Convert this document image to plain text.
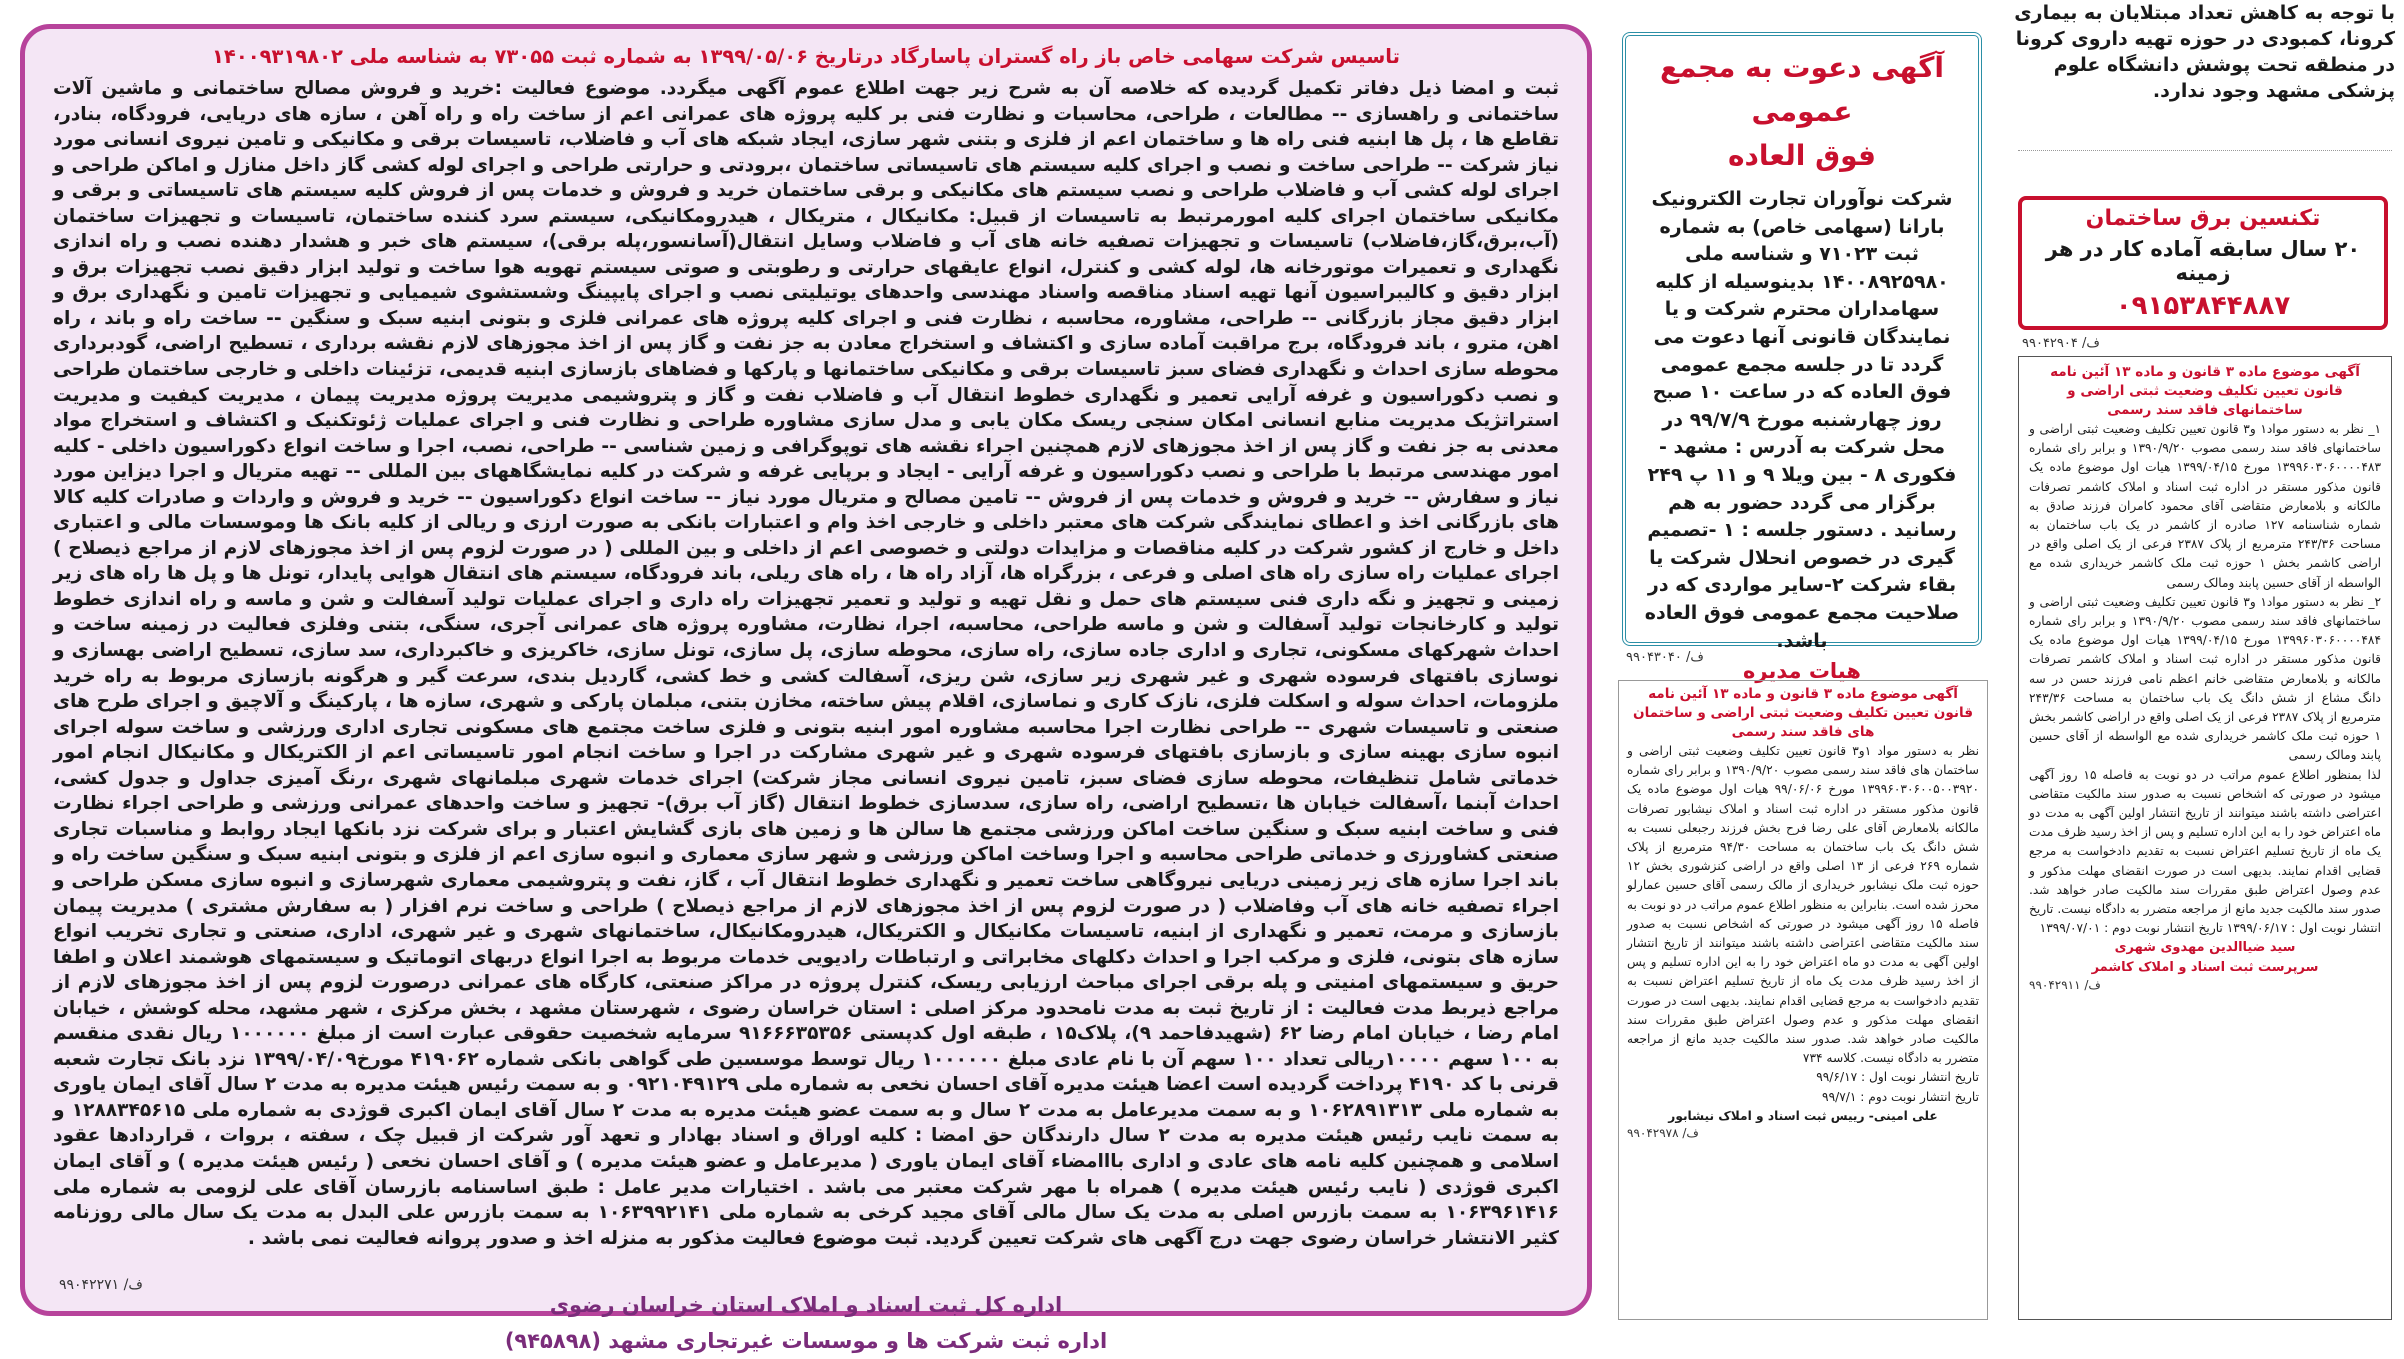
تاسیس شرکت سهامی خاص باز راه گستران پاسارگاد درتاریخ ۱۳۹۹/۰۵/۰۶ به شماره ثبت ۷۳۰۵۵ به شناسه ملی ۱۴۰۰۹۳۱۹۸۰۲
ثبت و امضا ذیل دفاتر تکمیل گردیده که خلاصه آن به شرح زیر جهت اطلاع عموم آگهی میگردد. موضوع فعالیت :خرید و فروش مصالح ساختمانی و ماشین آلات ساختمانی و راهسازی -- مطالعات ، طراحی، محاسبات و نظارت فنی بر کلیه پروژه های عمرانی اعم از ساخت راه و راه آهن ، سازه های دریایی، فرودگاه، بنادر، تقاطع ها ، پل ها ابنیه فنی راه ها و ساختمان اعم از فلزی و بتنی شهر سازی، ایجاد شبکه های آب و فاضلاب، تاسیسات برقی و مکانیکی و تامین نیروی انسانی مورد نیاز شرکت -- طراحی ساخت و نصب و اجرای کلیه سیستم های تاسیساتی ساختمان ،برودتی و حرارتی طراحی و اجرای لوله کشی گاز داخل منازل و اماکن طراحی و اجرای لوله کشی آب و فاضلاب طراحی و نصب سیستم های مکانیکی و برقی ساختمان خرید و فروش و خدمات پس از فروش کلیه سیستم های تاسیساتی و برقی و مکانیکی ساختمان اجرای کلیه امورمرتبط به تاسیسات از قبیل: مکانیکال ، متریکال ، هیدرومکانیکی، سیستم سرد کننده ساختمان، تاسیسات و تجهیزات ساختمان (آب،برق،گاز،فاضلاب) تاسیسات و تجهیزات تصفیه خانه های آب و فاضلاب وسایل انتقال(آسانسور،پله برقی)، سیستم های خبر و هشدار دهنده نصب و راه اندازی نگهداری و تعمیرات موتورخانه ها، لوله کشی و کنترل، انواع عایقهای حرارتی و رطوبتی و صوتی سیستم تهویه هوا ساخت و تولید ابزار دقیق نصب تجهیزات برق و ابزار دقیق و کالیبراسیون آنها تهیه اسناد مناقصه واسناد مهندسی واحدهای یوتیلیتی نصب و اجرای پایپینگ وشستشوی شیمیایی و تجهیزات تامین و نگهداری برق و ابزار دقیق مجاز بازرگانی -- طراحی، مشاوره، محاسبه ، نظارت فنی و اجرای کلیه پروژه های عمرانی فلزی و بتونی ابنیه سبک و سنگین -- ساخت راه و باند ، راه اهن، مترو ، باند فرودگاه، برج مراقبت آماده سازی و اکتشاف و استخراج معادن به جز نفت و گاز پس از اخذ مجوزهای لازم نقشه برداری ، تسطیح اراضی، گودبرداری محوطه سازی احداث و نگهداری فضای سبز تاسیسات برقی و مکانیکی ساختمانها و پارکها و فضاهای بازسازی ابنیه قدیمی، تزئینات داخلی و خارجی ساختمان طراحی و نصب دکوراسیون و غرفه آرایی تعمیر و نگهداری خطوط انتقال آب و فاضلاب نفت و گاز و پتروشیمی مدیریت پروژه مدیریت پیمان ، مدیریت کیفیت و مدیریت استراتژیک مدیریت منابع انسانی امکان سنجی ریسک مکان یابی و مدل سازی مشاوره طراحی و نظارت فنی و اجرای عملیات ژئوتکنیک و اکتشاف و استخراج مواد معدنی به جز نفت و گاز پس از اخذ مجوزهای لازم همچنین اجراء نقشه های توپوگرافی و زمین شناسی -- طراحی، نصب، اجرا و ساخت انواع دکوراسیون داخلی - کلیه امور مهندسی مرتبط با طراحی و نصب دکوراسیون و غرفه آرایی - ایجاد و برپایی غرفه و شرکت در کلیه نمایشگاههای بین المللی -- تهیه متریال و اجرا دیزاین مورد نیاز و سفارش -- خرید و فروش و خدمات پس از فروش -- تامین مصالح و متریال مورد نیاز -- ساخت انواع دکوراسیون -- خرید و فروش و واردات و صادرات کلیه کالا های بازرگانی اخذ و اعطای نمایندگی شرکت های معتبر داخلی و خارجی اخذ وام و اعتبارات بانکی به صورت ارزی و ریالی از کلیه بانک ها وموسسات مالی و اعتباری داخل و خارج از کشور شرکت در کلیه مناقصات و مزایدات دولتی و خصوصی اعم از داخلی و بین المللی ( در صورت لزوم پس از اخذ مجوزهای لازم از مراجع ذیصلاح ) اجرای عملیات راه سازی راه های اصلی و فرعی ، بزرگراه ها، آزاد راه ها ، راه های ریلی، باند فرودگاه، سیستم های انتقال هوایی پایدار، تونل ها و پل ها راه های زیر زمینی و تجهیز و نگه داری فنی سیستم های حمل و نقل تهیه و تولید و تعمیر تجهیزات راه داری و اجرای عملیات تولید آسفالت و شن و ماسه و راه اندازی خطوط تولید و کارخانجات تولید آسفالت و شن و ماسه طراحی، محاسبه، اجرا، نظارت، مشاوره پروژه های عمرانی آجری، سنگی، بتنی وفلزی فعالیت در زمینه ساخت و احداث شهرکهای مسکونی، تجاری و اداری جاده سازی، راه سازی، محوطه سازی، پل سازی، تونل سازی، خاکریزی و خاکبرداری، سد سازی، تسطیح اراضی بهسازی و نوسازی بافتهای فرسوده شهری و غیر شهری زیر سازی، شن ریزی، آسفالت کشی و خط کشی، گاردیل بندی، سرعت گیر و هرگونه بازسازی مربوط به راه خرید ملزومات، احداث سوله و اسکلت فلزی، نازک کاری و نماسازی، اقلام پیش ساخته، مخازن بتنی، مبلمان پارکی و شهری، سازه ها ، پارکینگ و آلاچیق و اجرای طرح های صنعتی و تاسیسات شهری -- طراحی نظارت اجرا محاسبه مشاوره امور ابنیه بتونی و فلزی ساخت مجتمع های مسکونی تجاری اداری ورزشی و ساخت سوله اجرای انبوه سازی بهینه سازی و بازسازی بافتهای فرسوده شهری و غیر شهری مشارکت در اجرا و ساخت انجام امور تاسیساتی اعم از الکتریکال و مکانیکال انجام امور خدماتی شامل تنظیفات، محوطه سازی فضای سبز، تامین نیروی انسانی مجاز شرکت) اجرای خدمات شهری مبلمانهای شهری ،رنگ آمیزی جداول و جدول کشی، احداث آبنما ،آسفالت خیابان ها ،تسطیح اراضی، راه سازی، سدسازی خطوط انتقال (گاز آب برق)- تجهیز و ساخت واحدهای عمرانی ورزشی و طراحی اجراء نظارت فنی و ساخت ابنیه سبک و سنگین ساخت اماکن ورزشی مجتمع ها سالن ها و زمین های بازی گشایش اعتبار و برای شرکت نزد بانکها ایجاد روابط و مناسبات تجاری صنعتی کشاورزی و خدماتی طراحی محاسبه و اجرا وساخت اماکن ورزشی و شهر سازی معماری و انبوه سازی اعم از فلزی و بتونی ابنیه سبک و سنگین ساخت راه و باند اجرا سازه های زیر زمینی دریایی نیروگاهی ساخت تعمیر و نگهداری خطوط انتقال آب ، گاز، نفت و پتروشیمی معماری شهرسازی و انبوه سازی مسکن طراحی و اجراء تصفیه خانه های آب وفاضلاب ( در صورت لزوم پس از اخذ مجوزهای لازم از مراجع ذیصلاح ) طراحی و ساخت نرم افزار ( به سفارش مشتری ) مدیریت پیمان بازسازی و مرمت، تعمیر و نگهداری از ابنیه، تاسیسات مکانیکال و الکتریکال، هیدرومکانیکال، ساختمانهای شهری و غیر شهری، اداری، صنعتی و تجاری تخریب انواع سازه های بتونی، فلزی و مرکب اجرا و احداث دکلهای مخابراتی و ارتباطات رادیویی خدمات مربوط به اجرا انواع دربهای اتوماتیک و سیستمهای هوشمند اعلان و اطفا حریق و سیستمهای امنیتی و پله برقی اجرای مباحث ارزیابی ریسک، کنترل پروژه در مراکز صنعتی، کارگاه های عمرانی درصورت لزوم پس از اخذ مجوزهای لازم از مراجع ذیربط مدت فعالیت : از تاریخ ثبت به مدت نامحدود مرکز اصلی : استان خراسان رضوی ، شهرستان مشهد ، بخش مرکزی ، شهر مشهد، محله کوشش ، خیابان امام رضا ، خیابان امام رضا ۶۲ (شهیدفاحمد ۹)، پلاک۱۵ ، طبقه اول کدپستی ۹۱۶۶۶۳۵۳۵۶ سرمایه شخصیت حقوقی عبارت است از مبلغ ۱۰۰۰۰۰۰ ریال نقدی منقسم به ۱۰۰ سهم ۱۰۰۰۰ریالی تعداد ۱۰۰ سهم آن با نام عادی مبلغ ۱۰۰۰۰۰۰ ریال توسط موسسین طی گواهی بانکی شماره ۴۱۹۰۶۲ مورخ۱۳۹۹/۰۴/۰۹ نزد بانک تجارت شعبه قرنی با کد ۴۱۹۰ پرداخت گردیده است اعضا هیئت مدیره آقای احسان نخعی به شماره ملی ۰۹۲۱۰۴۹۱۲۹ و به سمت رئیس هیئت مدیره به مدت ۲ سال آقای ایمان یاوری به شماره ملی ۱۰۶۲۸۹۱۳۱۳ و به سمت مدیرعامل به مدت ۲ سال و به سمت عضو هیئت مدیره به مدت ۲ سال آقای ایمان اکبری قوژدی به شماره ملی ۱۲۸۸۳۴۵۶۱۵ و به سمت نایب رئیس هیئت مدیره به مدت ۲ سال دارندگان حق امضا : کلیه اوراق و اسناد بهادار و تعهد آور شرکت از قبیل چک ، سفته ، بروات ، قراردادها عقود اسلامی و همچنین کلیه نامه های عادی و اداری بااامضاء آقای ایمان یاوری ( مدیرعامل و عضو هیئت مدیره ) و آقای احسان نخعی ( رئیس هیئت مدیره ) و آقای ایمان اکبری قوژدی ( نایب رئیس هیئت مدیره ) همراه با مهر شرکت معتبر می باشد . اختیارات مدیر عامل : طبق اساسنامه بازرسان آقای علی لزومی به شماره ملی ۱۰۶۳۹۶۱۴۱۶ به سمت بازرس اصلی به مدت یک سال مالی آقای مجید کرخی به شماره ملی ۱۰۶۳۹۹۲۱۴۱ به سمت بازرس علی البدل به مدت یک سال مالی روزنامه کثیر الانتشار خراسان رضوی جهت درج آگهی های شرکت تعیین گردید. ثبت موضوع فعالیت مذکور به منزله اخذ و صدور پروانه فعالیت نمی باشد .
اداره کل ثبت اسناد و املاک استان خراسان رضوی
اداره ثبت شرکت ها و موسسات غیرتجاری مشهد (۹۴۵۸۹۸)
۹۹۰۴۲۲۷۱ /ف
آگهی دعوت به مجمع عمومی
فوق العاده
شرکت نوآوران تجارت الکترونیک بارانا (سهامی خاص) به شماره ثبت ۷۱۰۲۳ و شناسه ملی ۱۴۰۰۸۹۲۵۹۸۰ بدینوسیله از کلیه سهامداران محترم شرکت و یا نمایندگان قانونی آنها دعوت می گردد تا در جلسه مجمع عمومی فوق العاده که در ساعت ۱۰ صبح روز چهارشنبه مورخ ۹۹/۷/۹ در محل شرکت به آدرس : مشهد - فکوری ۸ - بین ویلا ۹ و ۱۱ پ ۲۴۹ برگزار می گردد حضور به هم رسانید . دستور جلسه : ۱ -تصمیم گیری در خصوص انحلال شرکت یا بقاء شرکت ۲-سایر مواردی که در صلاحیت مجمع عمومی فوق العاده باشد.
هیات مدیره
۹۹۰۴۳۰۴۰ /ف
آگهی موضوع ماده ۳ قانون و ماده ۱۳ آئین نامه قانون تعیین تکلیف وضعیت ثبتی اراضی و ساختمان های فاقد سند رسمی
نظر به دستور مواد ۱و۳ قانون تعیین تکلیف وضعیت ثبتی اراضی و ساختمان های فاقد سند رسمی مصوب ۱۳۹۰/۹/۲۰ و برابر رای شماره ۱۳۹۹۶۰۳۰۶۰۰۵۰۰۳۹۲۰ مورخ ۹۹/۰۶/۰۶ هیات اول موضوع ماده یک قانون مذکور مستقر در اداره ثبت اسناد و املاک نیشابور تصرفات مالکانه بلامعارض آقای علی رضا فرح بخش فرزند رجبعلی نسبت به شش دانگ یک باب ساختمان به مساحت ۹۴/۳۰ مترمربع از پلاک شماره ۲۶۹ فرعی از ۱۳ اصلی واقع در اراضی کنزشوری بخش ۱۲ حوزه ثبت ملک نیشابور خریداری از مالک رسمی آقای حسین عمارلو محرز شده است. بنابراین به منظور اطلاع عموم مراتب در دو نوبت به فاصله ۱۵ روز آگهی میشود در صورتی که اشخاص نسبت به صدور سند مالکیت متقاضی اعتراضی داشته باشند میتوانند از تاریخ انتشار اولین آگهی به مدت دو ماه اعتراض خود را به این اداره تسلیم و پس از اخذ رسید ظرف مدت یک ماه از تاریخ تسلیم اعتراض نسبت به تقدیم دادخواست به مرجع قضایی اقدام نمایند. بدیهی است در صورت انقضای مهلت مذکور و عدم وصول اعتراض طبق مقررات سند مالکیت صادر خواهد شد. صدور سند مالکیت جدید مانع از مراجعه متضرر به دادگاه نیست. کلاسه ۷۳۴
تاریخ انتشار نوبت اول : ۹۹/۶/۱۷
تاریخ انتشار نوبت دوم : ۹۹/۷/۱
علی امینی- رییس ثبت اسناد و املاک نیشابور
۹۹۰۴۲۹۷۸ /ف
با توجه به کاهش تعداد مبتلایان به بیماری کرونا، کمبودی در حوزه تهیه داروی کرونا در منطقه تحت پوشش دانشگاه علوم پزشکی مشهد وجود ندارد.
تکنسین برق ساختمان
۲۰ سال سابقه آماده کار در هر زمینه
۰۹۱۵۳۸۴۴۸۸۷
۹۹۰۴۲۹۰۴ /ف
آگهی موضوع ماده ۳ قانون و ماده ۱۳ آئین نامه قانون تعیین تکلیف وضعیت ثبتی اراضی و ساختمانهای فاقد سند رسمی
۱_ نظر به دستور مواد۱ و۳ قانون تعیین تکلیف وضعیت ثبتی اراضی و ساختمانهای فاقد سند رسمی مصوب ۱۳۹۰/۹/۲۰ و برابر رای شماره ۱۳۹۹۶۰۳۰۶۰۰۰۰۴۸۳ مورخ ۱۳۹۹/۰۴/۱۵ هیات اول موضوع ماده یک قانون مذکور مستقر در اداره ثبت اسناد و املاک کاشمر تصرفات مالکانه و بلامعارض متقاضی آقای محمود کامران فرزند صادق به شماره شناسنامه ۱۲۷ صادره از کاشمر در یک باب ساختمان به مساحت ۲۴۳/۳۶ مترمربع از پلاک ۲۳۸۷ فرعی از یک اصلی واقع در اراضی کاشمر بخش ۱ حوزه ثبت ملک کاشمر خریداری شده مع الواسطه از آقای حسین پابند ومالک رسمی
۲_ نظر به دستور مواد۱ و۳ قانون تعیین تکلیف وضعیت ثبتی اراضی و ساختمانهای فاقد سند رسمی مصوب ۱۳۹۰/۹/۲۰ و برابر رای شماره ۱۳۹۹۶۰۳۰۶۰۰۰۰۴۸۴ مورخ ۱۳۹۹/۰۴/۱۵ هیات اول موضوع ماده یک قانون مذکور مستقر در اداره ثبت اسناد و املاک کاشمر تصرفات مالکانه و بلامعارض متقاضی خانم اعظم نامی فرزند حسن در سه دانگ مشاع از شش دانگ یک باب ساختمان به مساحت ۲۴۳/۳۶ مترمربع از پلاک ۲۳۸۷ فرعی از یک اصلی واقع در اراضی کاشمر بخش ۱ حوزه ثبت ملک کاشمر خریداری شده مع الواسطه از آقای حسین پابند ومالک رسمی
لذا بمنظور اطلاع عموم مراتب در دو نوبت به فاصله ۱۵ روز آگهی میشود در صورتی که اشخاص نسبت به صدور سند مالکیت متقاضی اعتراضی داشته باشند میتوانند از تاریخ انتشار اولین آگهی به مدت دو ماه اعتراض خود را به این اداره تسلیم و پس از اخذ رسید ظرف مدت یک ماه از تاریخ تسلیم اعتراض نسبت به تقدیم دادخواست به مرجع قضایی اقدام نمایند. بدیهی است در صورت انقضای مهلت مذکور و عدم وصول اعتراض طبق مقررات سند مالکیت صادر خواهد شد. صدور سند مالکیت جدید مانع از مراجعه متضرر به دادگاه نیست. تاریخ انتشار نوبت اول : ۱۳۹۹/۰۶/۱۷ تاریخ انتشار نوبت دوم : ۱۳۹۹/۰۷/۰۱
سید ضیاالدین مهدوی شهری
سرپرست ثبت اسناد و املاک کاشمر
۹۹۰۴۲۹۱۱ /ف
